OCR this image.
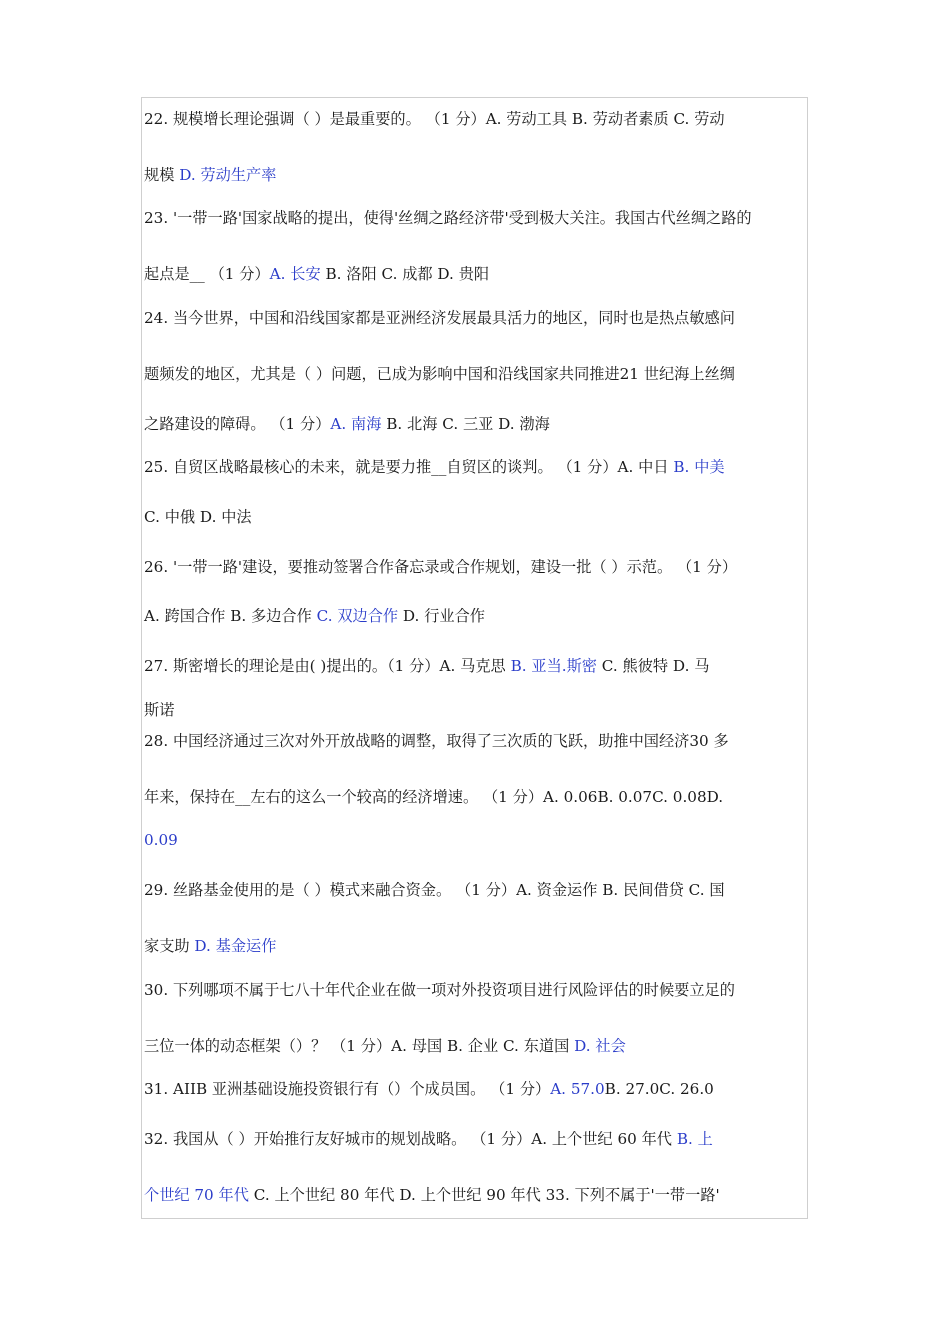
22. 规模增长理论强调（ ）是最重要的。 （1 分）A. 劳动工具 B. 劳动者素质 C. 劳动
规模 D. 劳动生产率
23. '一带一路'国家战略的提出，使得'丝绸之路经济带'受到极大关注。我国古代丝绸之路的
起点是__ （1 分）A. 长安 B. 洛阳 C. 成都 D. 贵阳
24. 当今世界，中国和沿线国家都是亚洲经济发展最具活力的地区，同时也是热点敏感问
题频发的地区，尤其是（ ）问题，已成为影响中国和沿线国家共同推进21 世纪海上丝绸
之路建设的障碍。 （1 分）A. 南海 B. 北海 C. 三亚 D. 渤海
25. 自贸区战略最核心的未来，就是要力推__自贸区的谈判。 （1 分）A. 中日 B. 中美
C. 中俄 D. 中法
26. '一带一路'建设，要推动签署合作备忘录或合作规划，建设一批（ ）示范。 （1 分）
A. 跨国合作 B. 多边合作 C. 双边合作 D. 行业合作
27. 斯密增长的理论是由( )提出的。（1 分）A. 马克思 B. 亚当.斯密 C. 熊彼特 D. 马
斯诺
28. 中国经济通过三次对外开放战略的调整，取得了三次质的飞跃，助推中国经济30 多
年来，保持在__左右的这么一个较高的经济增速。 （1 分）A. 0.06B. 0.07C. 0.08D.
0.09
29. 丝路基金使用的是（ ）模式来融合资金。 （1 分）A. 资金运作 B. 民间借贷 C. 国
家支助 D. 基金运作
30. 下列哪项不属于七八十年代企业在做一项对外投资项目进行风险评估的时候要立足的
三位一体的动态框架（）？ （1 分）A. 母国 B. 企业 C. 东道国 D. 社会
31. AIIB 亚洲基础设施投资银行有（）个成员国。 （1 分）A. 57.0B. 27.0C. 26.0
32. 我国从（ ）开始推行友好城市的规划战略。 （1 分）A. 上个世纪 60 年代 B. 上
个世纪 70 年代 C. 上个世纪 80 年代 D. 上个世纪 90 年代 33. 下列不属于'一带一路'
